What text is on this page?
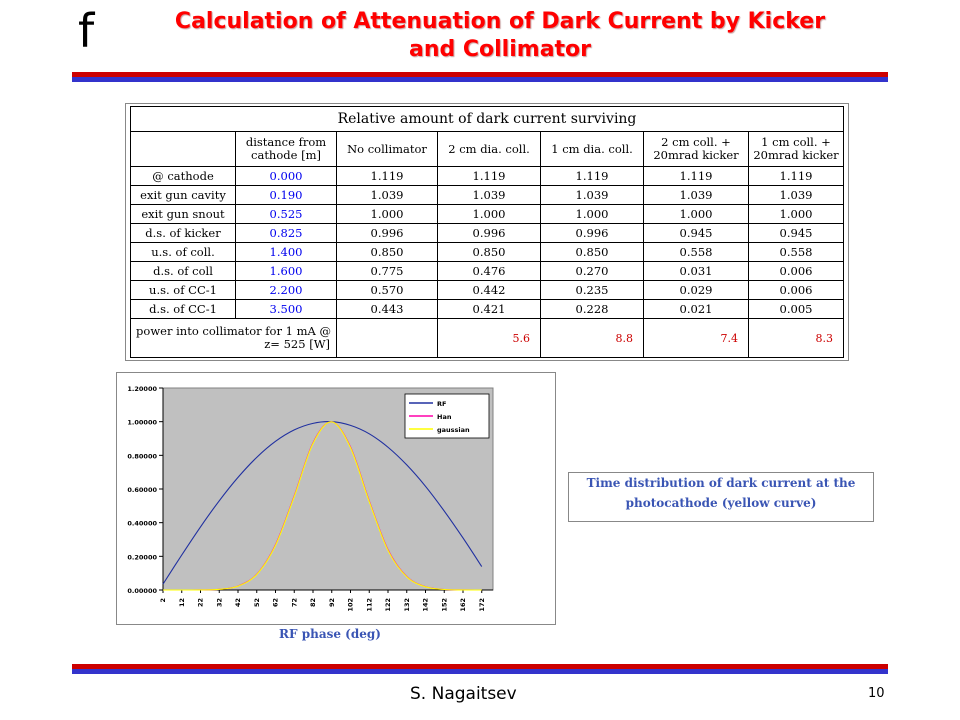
f	Calculation of Attenuation of Dark Current by Kicker
and Collimator
Relative amount of dark current surviving						
	distance from cathode [m]	No collimator	2 cm dia. coll.	1 cm dia. coll.	2 cm coll. + 20mrad kicker	1 cm coll. + 20mrad kicker
@ cathode	0.000	1.119	1.119	1.119	1.119	1.119
exit gun cavity	0.190	1.039	1.039	1.039	1.039	1.039
exit gun snout	0.525	1.000	1.000	1.000	1.000	1.000
d.s. of kicker	0.825	0.996	0.996	0.996	0.945	0.945
u.s. of coll.	1.400	0.850	0.850	0.850	0.558	0.558
d.s. of coll	1.600	0.775	0.476	0.270	0.031	0.006
u.s. of CC-1	2.200	0.570	0.442	0.235	0.029	0.006
d.s. of CC-1	3.500	0.443	0.421	0.228	0.021	0.005

power into collimator for 1 mA @
z= 525 [W]			5.6	8.8	7.4	8.3
0.00000
0.20000
0.40000
0.60000
0.80000
1.00000
1.20000
2 12 22 32 42 52 62 72 82 92 102 112 122 132 142 152 162 172
RF
Han
gaussian
RF phase (deg)
Time distribution of dark current at the
photocathode (yellow curve)
S. Nagaitsev	10
